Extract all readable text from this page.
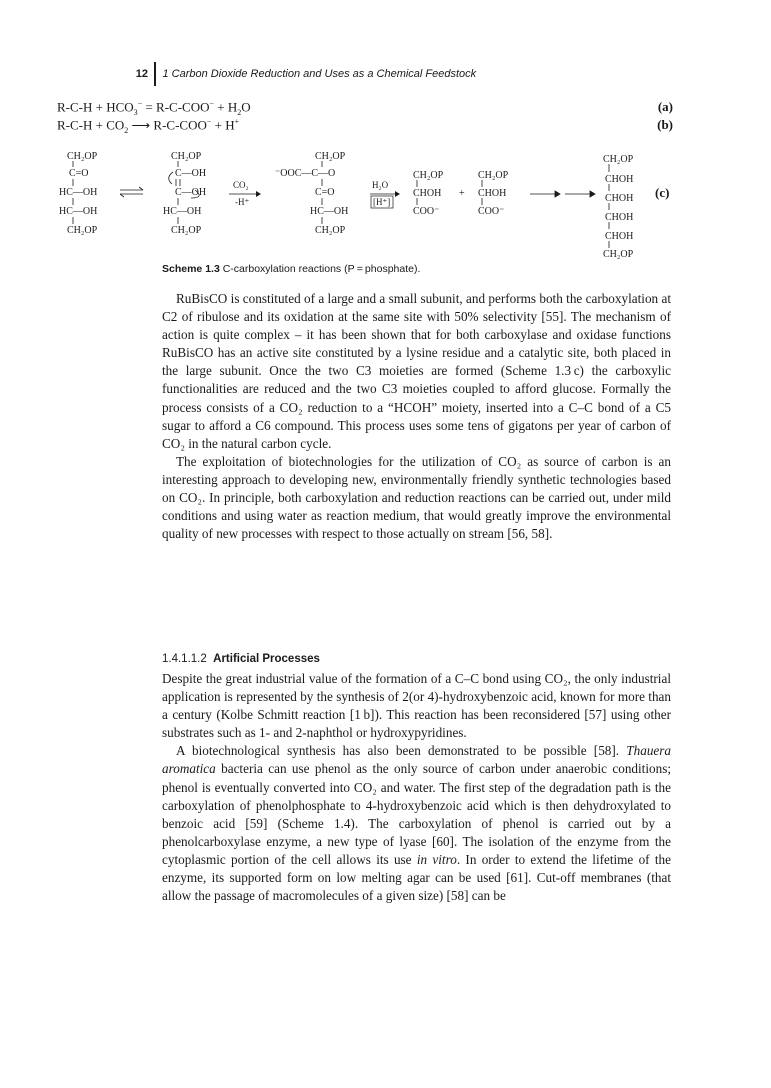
12	1 Carbon Dioxide Reduction and Uses as a Chemical Feedstock
$R-C-H + HCO_3^- = R-C-COO^- + H_2O$	(a)
$R-C-H + CO_2$ ⟶ R-C-COO− + H+	(b)
CH₂OP
C=O
HC—OH
HC—OH
CH₂OP
CH₂OP
C—OH
C—OH
HC—OH
CH₂OP
CO₂
-H⁺
CH₂OP
⁻OOC—C—O
C=O
HC—OH
CH₂OP
H₂O
[H⁺]
CH₂OP
CHOH
COO⁻
+
CH₂OP
CHOH
COO⁻
CH₂OP
CHOH
CHOH
CHOH
CHOH
CH₂OP
(c)
Scheme 1.3 C-carboxylation reactions (P = phosphate).

RuBisCO is constituted of a large and a small subunit, and performs both the carboxylation at C2 of ribulose and its oxidation at the same site with 50% selectivity [55]. The mechanism of action is quite complex – it has been shown that for both carboxylase and oxidase functions RuBisCO has an active site constituted by a lysine residue and a catalytic site, both placed in the large subunit. Once the two C3 moieties are formed (Scheme 1.3 c) the carboxylic functionalities are reduced and the two C3 moieties coupled to afford glucose. Formally the process consists of a CO₂ reduction to a “HCOH” moiety, inserted into a C–C bond of a C5 sugar to afford a C6 compound. This process uses some tens of gigatons per year of carbon of CO₂ in the natural carbon cycle.

The exploitation of biotechnologies for the utilization of CO₂ as source of carbon is an interesting approach to developing new, environmentally friendly synthetic technologies based on CO₂. In principle, both carboxylation and reduction reactions can be carried out, under mild conditions and using water as reaction medium, that would greatly improve the environmental quality of new processes with respect to those actually on stream [56, 58].

1.4.1.1.2 Artificial Processes

Despite the great industrial value of the formation of a C–C bond using CO₂, the only industrial application is represented by the synthesis of 2(or 4)-hydroxybenzoic acid, known for more than a century (Kolbe Schmitt reaction [1 b]). This reaction has been reconsidered [57] using other substrates such as 1- and 2-naphthol or hydroxypyridines.

A biotechnological synthesis has also been demonstrated to be possible [58]. Thauera aromatica bacteria can use phenol as the only source of carbon under anaerobic conditions; phenol is eventually converted into CO₂ and water. The first step of the degradation path is the carboxylation of phenolphosphate to 4-hydroxybenzoic acid which is then dehydroxylated to benzoic acid [59] (Scheme 1.4). The carboxylation of phenol is carried out by a phenolcarboxylase enzyme, a new type of lyase [60]. The isolation of the enzyme from the cytoplasmic portion of the cell allows its use in vitro. In order to extend the lifetime of the enzyme, its supported form on low melting agar can be used [61]. Cut-off membranes (that allow the passage of macromolecules of a given size) [58] can be
